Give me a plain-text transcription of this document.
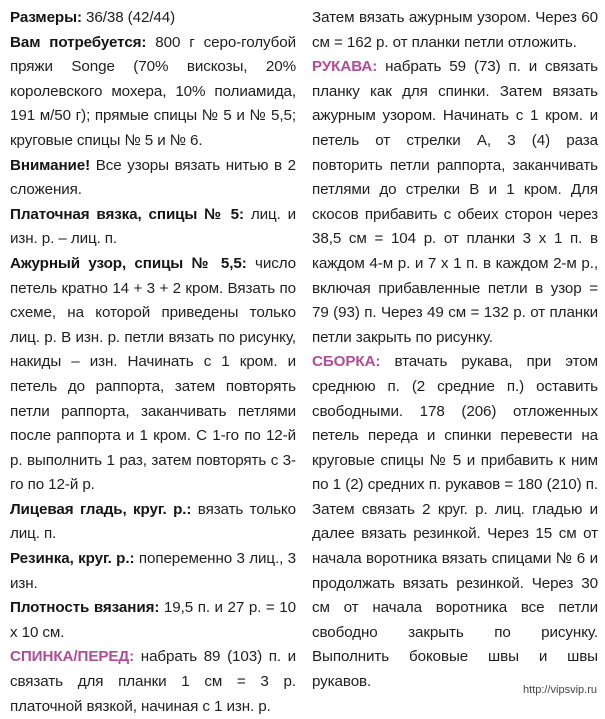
Размеры: 36/38 (42/44)

Вам потребуется: 800 г серо-голубой пряжи Songe (70% вискозы, 20% королевского мохера, 10% полиамида, 191 м/50 г); прямые спицы № 5 и № 5,5; круговые спицы № 5 и № 6.

Внимание! Все узоры вязать нитью в 2 сложения.

Платочная вязка, спицы № 5: лиц. и изн. р. – лиц. п.

Ажурный узор, спицы № 5,5: число петель кратно 14 + 3 + 2 кром. Вязать по схеме, на которой приведены только лиц. р. В изн. р. петли вязать по рисунку, накиды – изн. Начинать с 1 кром. и петель до раппорта, затем повторять петли раппорта, заканчивать петлями после раппорта и 1 кром. С 1-го по 12-й р. выполнить 1 раз, затем повторять с 3-го по 12-й р.

Лицевая гладь, круг. р.: вязать только лиц. п.

Резинка, круг. р.: попеременно 3 лиц., 3 изн.

Плотность вязания: 19,5 п. и 27 р. = 10 х 10 см.

СПИНКА/ПЕРЕД: набрать 89 (103) п. и связать для планки 1 см = 3 р. платочной вязкой, начиная с 1 изн. р.

Затем вязать ажурным узором. Через 60 см = 162 р. от планки петли отложить.

РУКАВА: набрать 59 (73) п. и связать планку как для спинки. Затем вязать ажурным узором. Начинать с 1 кром. и петель от стрелки А, 3 (4) раза повторить петли раппорта, заканчивать петлями до стрелки В и 1 кром. Для скосов прибавить с обеих сторон через 38,5 см = 104 р. от планки 3 х 1 п. в каждом 4-м р. и 7 х 1 п. в каждом 2-м р., включая прибавленные петли в узор = 79 (93) п. Через 49 см = 132 р. от планки петли закрыть по рисунку.

СБОРКА: втачать рукава, при этом среднюю п. (2 средние п.) оставить свободными. 178 (206) отложенных петель переда и спинки перевести на круговые спицы № 5 и прибавить к ним по 1 (2) средних п. рукавов = 180 (210) п. Затем связать 2 круг. р. лиц. гладью и далее вязать резинкой. Через 15 см от начала воротника вязать спицами № 6 и продолжать вязать резинкой. Через 30 см от начала воротника все петли свободно закрыть по рисунку. Выполнить боковые швы и швы рукавов.	http://vipsvip.ru
